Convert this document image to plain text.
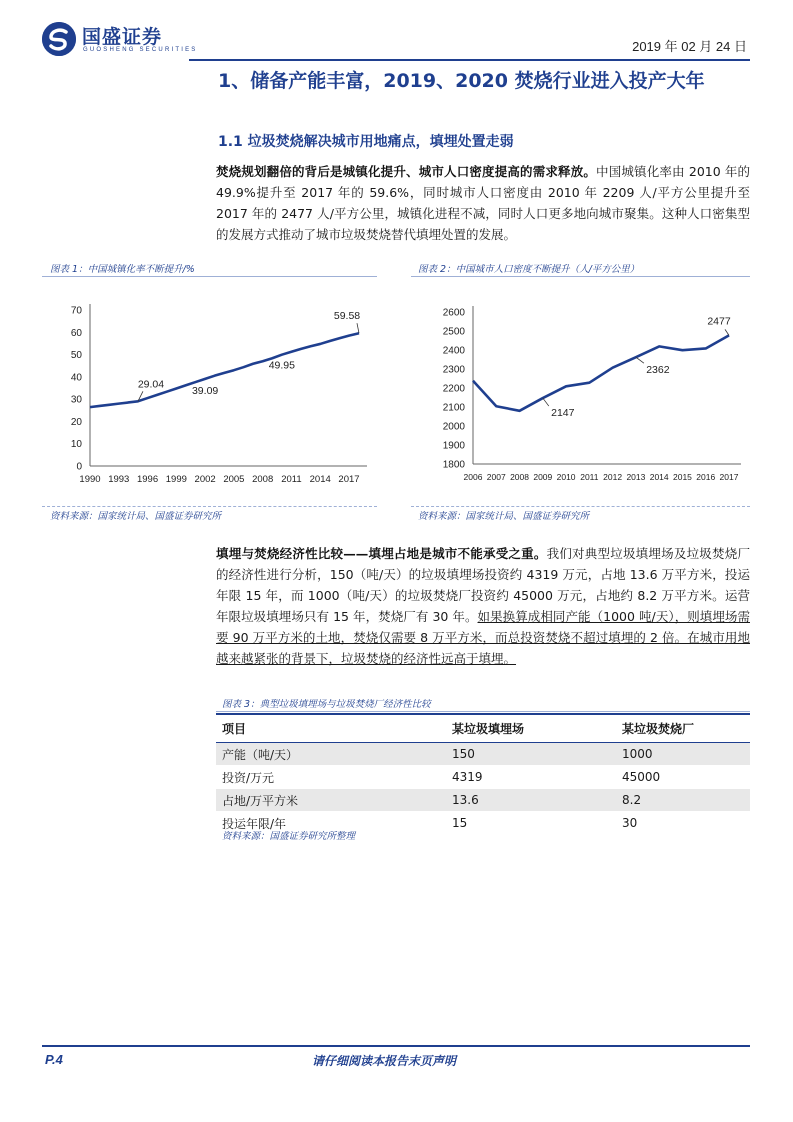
国盛证券
GUOSHENG SECURITIES	2019 年 02 月 24 日
1、储备产能丰富，2019、2020 焚烧行业进入投产大年
1.1 垃圾焚烧解决城市用地痛点，填埋处置走弱
焚烧规划翻倍的背后是城镇化提升、城市人口密度提高的需求释放。中国城镇化率由 2010 年的 49.9%提升至 2017 年的 59.6%，同时城市人口密度由 2010 年 2209 人/平方公里提升至 2017 年的 2477 人/平方公里，城镇化进程不减，同时人口更多地向城市聚集。这种人口密集型的发展方式推动了城市垃圾焚烧替代填埋处置的发展。
图表 1：中国城镇化率不断提升/%
0
10
20
30
40
50
60
70
1990 1993 1996 1999 2002 2005 2008 2011 2014 2017
29.04
39.09
49.95
59.58
资料来源：国家统计局、国盛证券研究所
图表 2：中国城市人口密度不断提升（人/平方公里）
1800
1900
2000
2100
2200
2300
2400
2500
2600
2006 2007 2008 2009 2010 2011 2012 2013 2014 2015 2016 2017
2147
2362
2477
资料来源：国家统计局、国盛证券研究所
填埋与焚烧经济性比较——填埋占地是城市不能承受之重。我们对典型垃圾填埋场及垃圾焚烧厂的经济性进行分析，150（吨/天）的垃圾填埋场投资约 4319 万元，占地 13.6 万平方米，投运年限 15 年，而 1000（吨/天）的垃圾焚烧厂投资约 45000 万元，占地约 8.2 万平方米。运营年限垃圾填埋场只有 15 年，焚烧厂有 30 年。如果换算成相同产能（1000 吨/天），则填埋场需要 90 万平方米的土地，焚烧仅需要 8 万平方米，而总投资焚烧不超过填埋的 2 倍。在城市用地越来越紧张的背景下，垃圾焚烧的经济性远高于填埋。
图表 3：典型垃圾填埋场与垃圾焚烧厂经济性比较
项目	某垃圾填埋场	某垃圾焚烧厂
产能（吨/天）	150	1000
投资/万元	4319	45000
占地/万平方米	13.6	8.2
投运年限/年	15	30
资料来源：国盛证券研究所整理
P.4	请仔细阅读本报告末页声明
